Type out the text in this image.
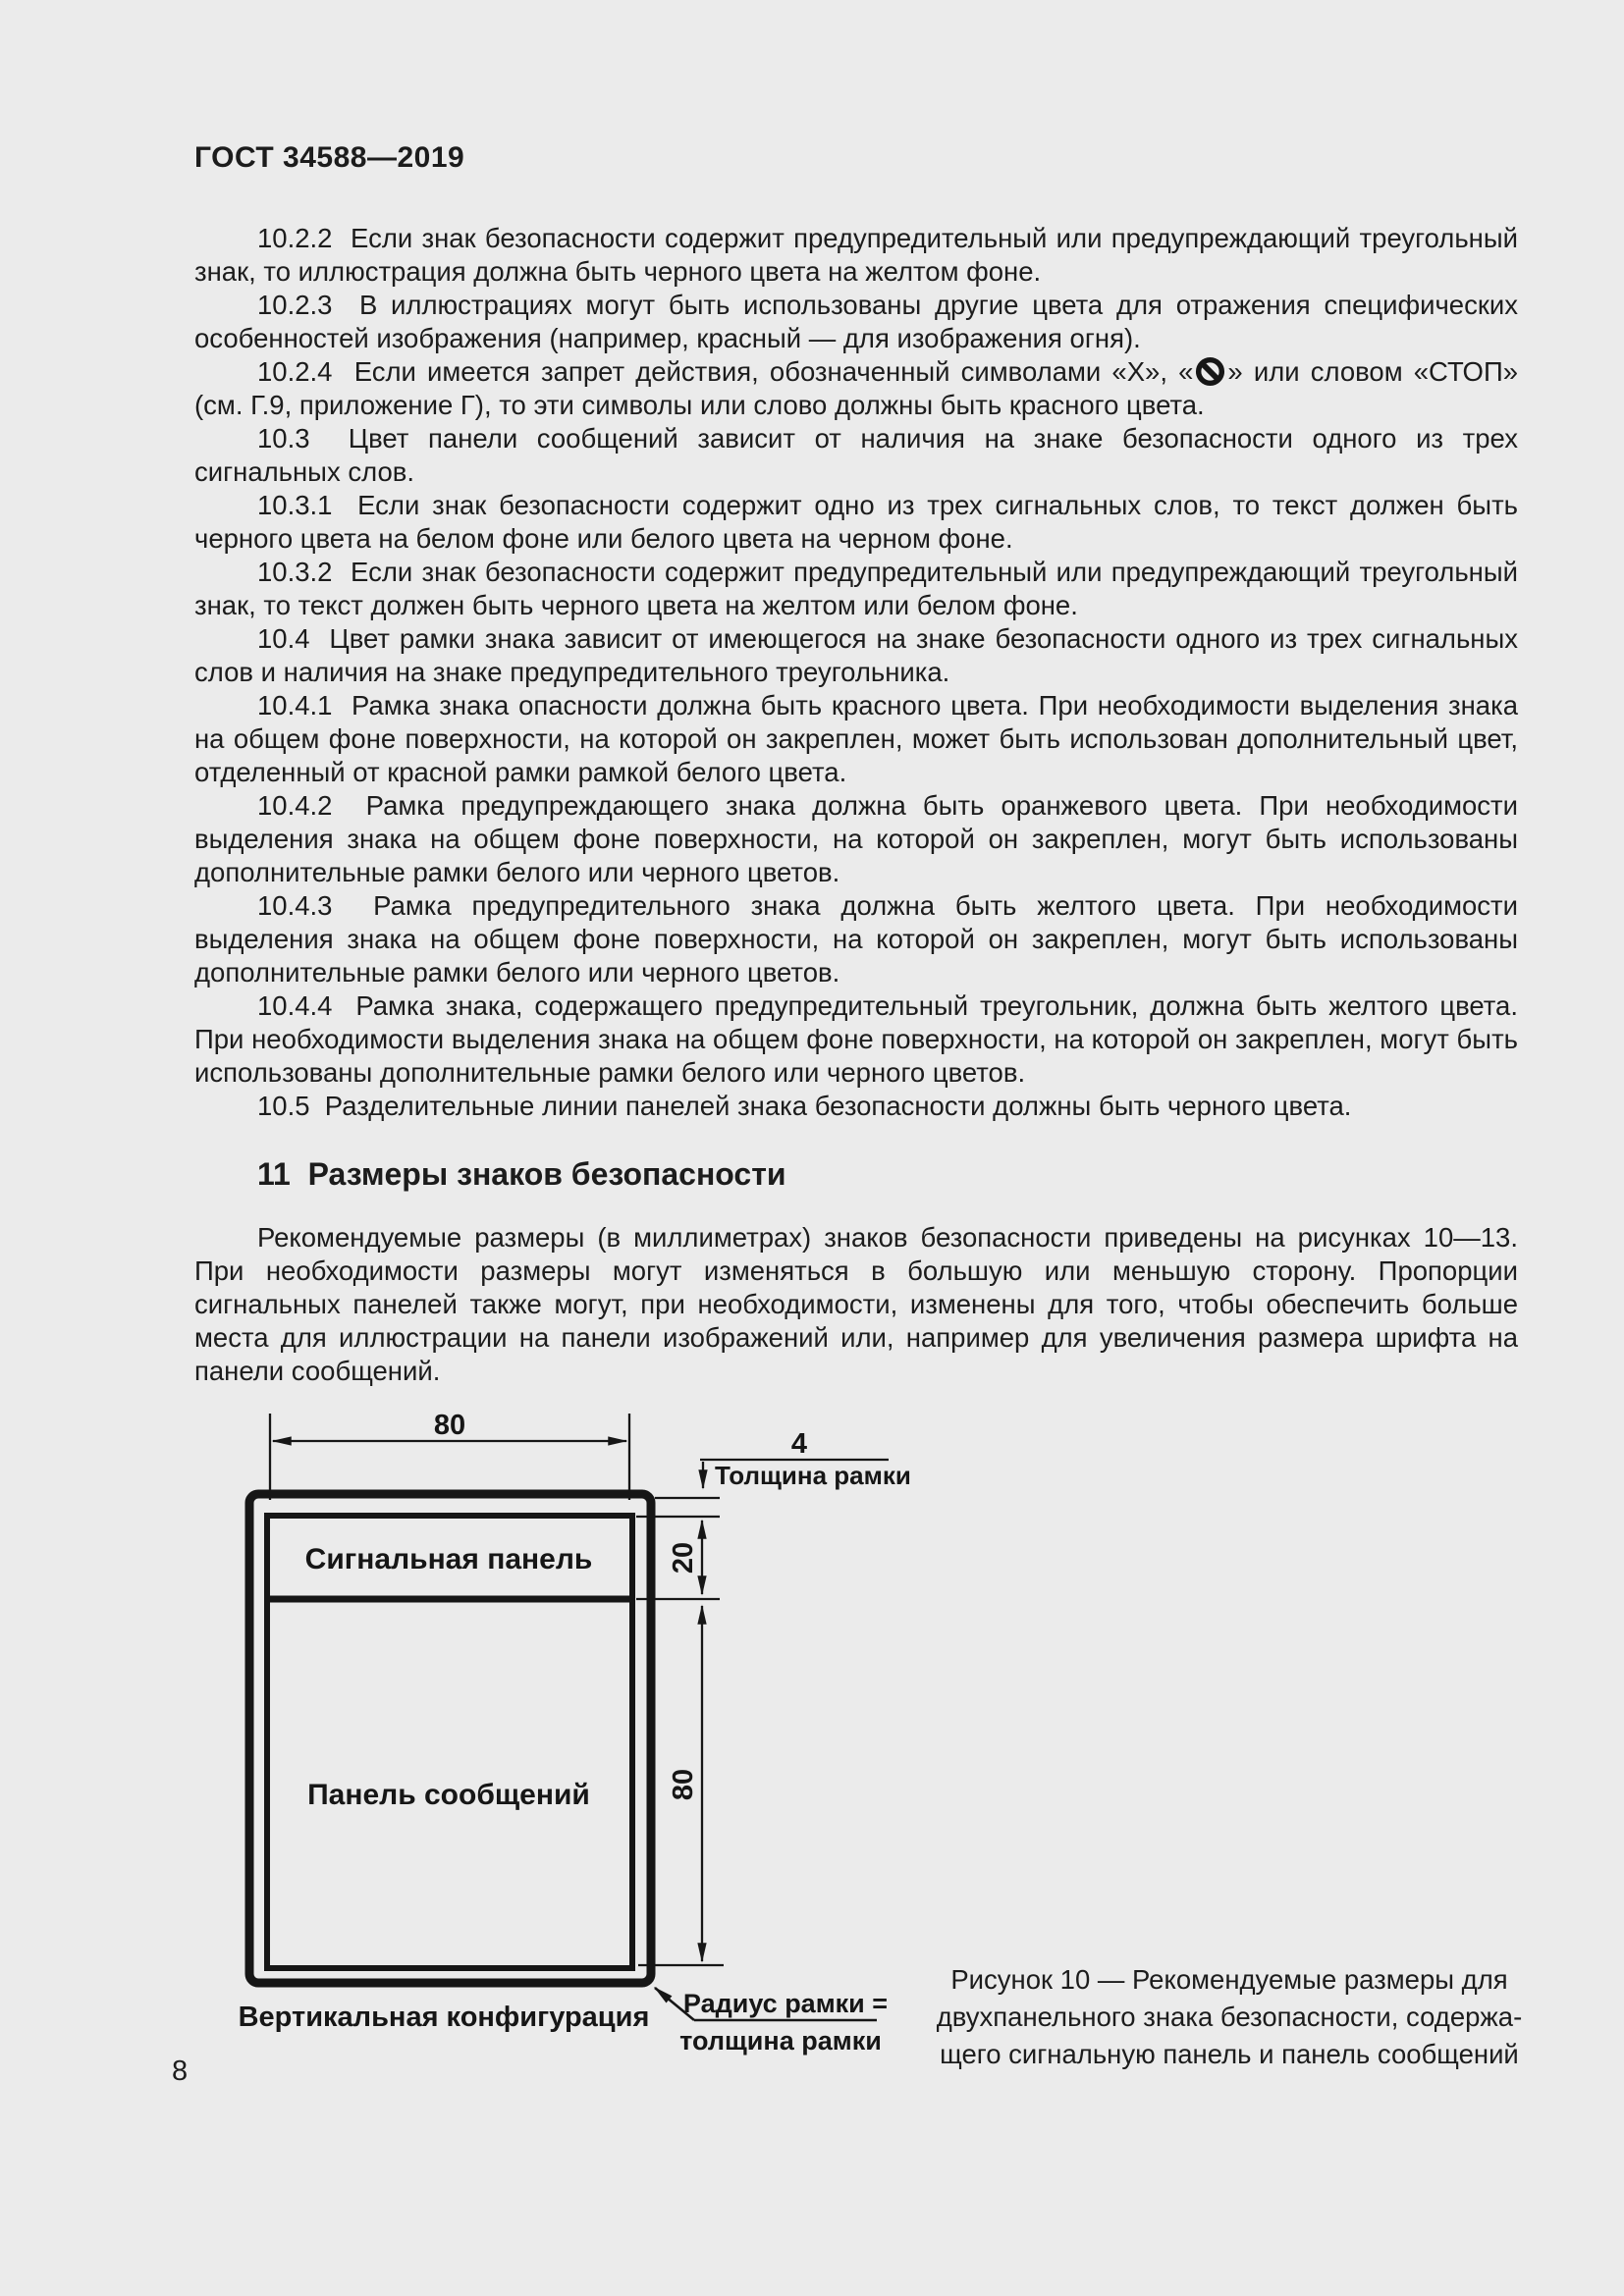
ГОСТ 34588—2019

10.2.2  Если знак безопасности содержит предупредительный или предупреждающий треугольный знак, то иллюстрация должна быть черного цвета на желтом фоне.

10.2.3  В иллюстрациях могут быть использованы другие цвета для отражения специфических особенностей изображения (например, красный — для изображения огня).

10.2.4  Если имеется запрет действия, обозначенный символами «Х», « » или словом «СТОП» (см. Г.9, приложение Г), то эти символы или слово должны быть красного цвета.

10.3  Цвет панели сообщений зависит от наличия на знаке безопасности одного из трех сигнальных слов.

10.3.1  Если знак безопасности содержит одно из трех сигнальных слов, то текст должен быть черного цвета на белом фоне или белого цвета на черном фоне.

10.3.2  Если знак безопасности содержит предупредительный или предупреждающий треугольный знак, то текст должен быть черного цвета на желтом или белом фоне.

10.4  Цвет рамки знака зависит от имеющегося на знаке безопасности одного из трех сигнальных слов и наличия на знаке предупредительного треугольника.

10.4.1  Рамка знака опасности должна быть красного цвета. При необходимости выделения знака на общем фоне поверхности, на которой он закреплен, может быть использован дополнительный цвет, отделенный от красной рамки рамкой белого цвета.

10.4.2  Рамка предупреждающего знака должна быть оранжевого цвета. При необходимости выделения знака на общем фоне поверхности, на которой он закреплен, могут быть использованы дополнительные рамки белого или черного цветов.

10.4.3  Рамка предупредительного знака должна быть желтого цвета. При необходимости выделения знака на общем фоне поверхности, на которой он закреплен, могут быть использованы дополнительные рамки белого или черного цветов.

10.4.4  Рамка знака, содержащего предупредительный треугольник, должна быть желтого цвета. При необходимости выделения знака на общем фоне поверхности, на которой он закреплен, могут быть использованы дополнительные рамки белого или черного цветов.

10.5  Разделительные линии панелей знака безопасности должны быть черного цвета.

11  Размеры знаков безопасности

Рекомендуемые размеры (в миллиметрах) знаков безопасности приведены на рисунках 10—13. При необходимости размеры могут изменяться в большую или меньшую сторону. Пропорции сигнальных панелей также могут, при необходимости, изменены для того, чтобы обеспечить больше места для иллюстрации на панели изображений или, например для увеличения размера шрифта на панели сообщений.

80
4
Толщина рамки
Сигнальная панель
Панель сообщений
20
80
Радиус рамки =
толщина рамки
Вертикальная конфигурация
Рисунок 10 — Рекомендуемые размеры для
двухпанельного знака безопасности, содержа-
щего сигнальную панель и панель сообщений
8
